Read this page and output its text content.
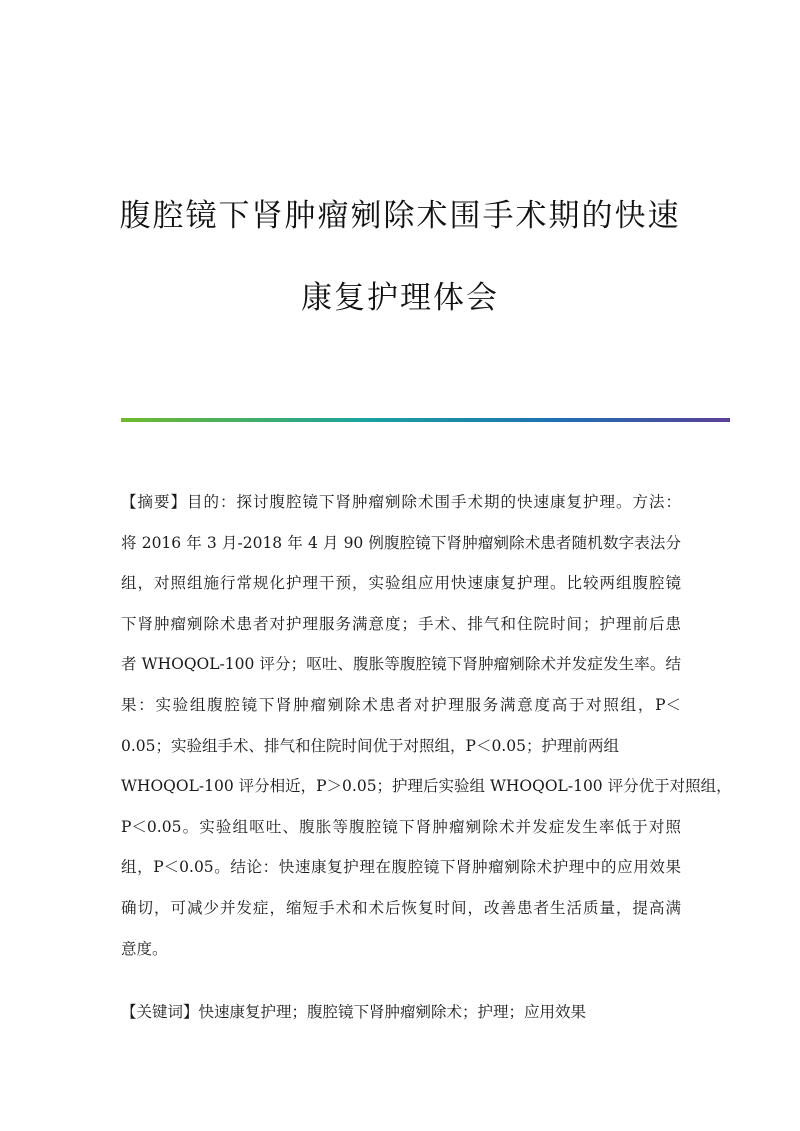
腹腔镜下肾肿瘤剜除术围手术期的快速
康复护理体会
【摘要】目的：探讨腹腔镜下肾肿瘤剜除术围手术期的快速康复护理。方法：
将 2016 年 3 月-2018 年 4 月 90 例腹腔镜下肾肿瘤剜除术患者随机数字表法分
组，对照组施行常规化护理干预，实验组应用快速康复护理。比较两组腹腔镜
下肾肿瘤剜除术患者对护理服务满意度；手术、排气和住院时间；护理前后患
者 WHOQOL-100 评分；呕吐、腹胀等腹腔镜下肾肿瘤剜除术并发症发生率。结
果：实验组腹腔镜下肾肿瘤剜除术患者对护理服务满意度高于对照组，P＜
0.05；实验组手术、排气和住院时间优于对照组，P＜0.05；护理前两组
WHOQOL-100 评分相近，P＞0.05；护理后实验组 WHOQOL-100 评分优于对照组，
P＜0.05。实验组呕吐、腹胀等腹腔镜下肾肿瘤剜除术并发症发生率低于对照
组，P＜0.05。结论：快速康复护理在腹腔镜下肾肿瘤剜除术护理中的应用效果
确切，可减少并发症，缩短手术和术后恢复时间，改善患者生活质量，提高满
意度。
【关键词】快速康复护理；腹腔镜下肾肿瘤剜除术；护理；应用效果
